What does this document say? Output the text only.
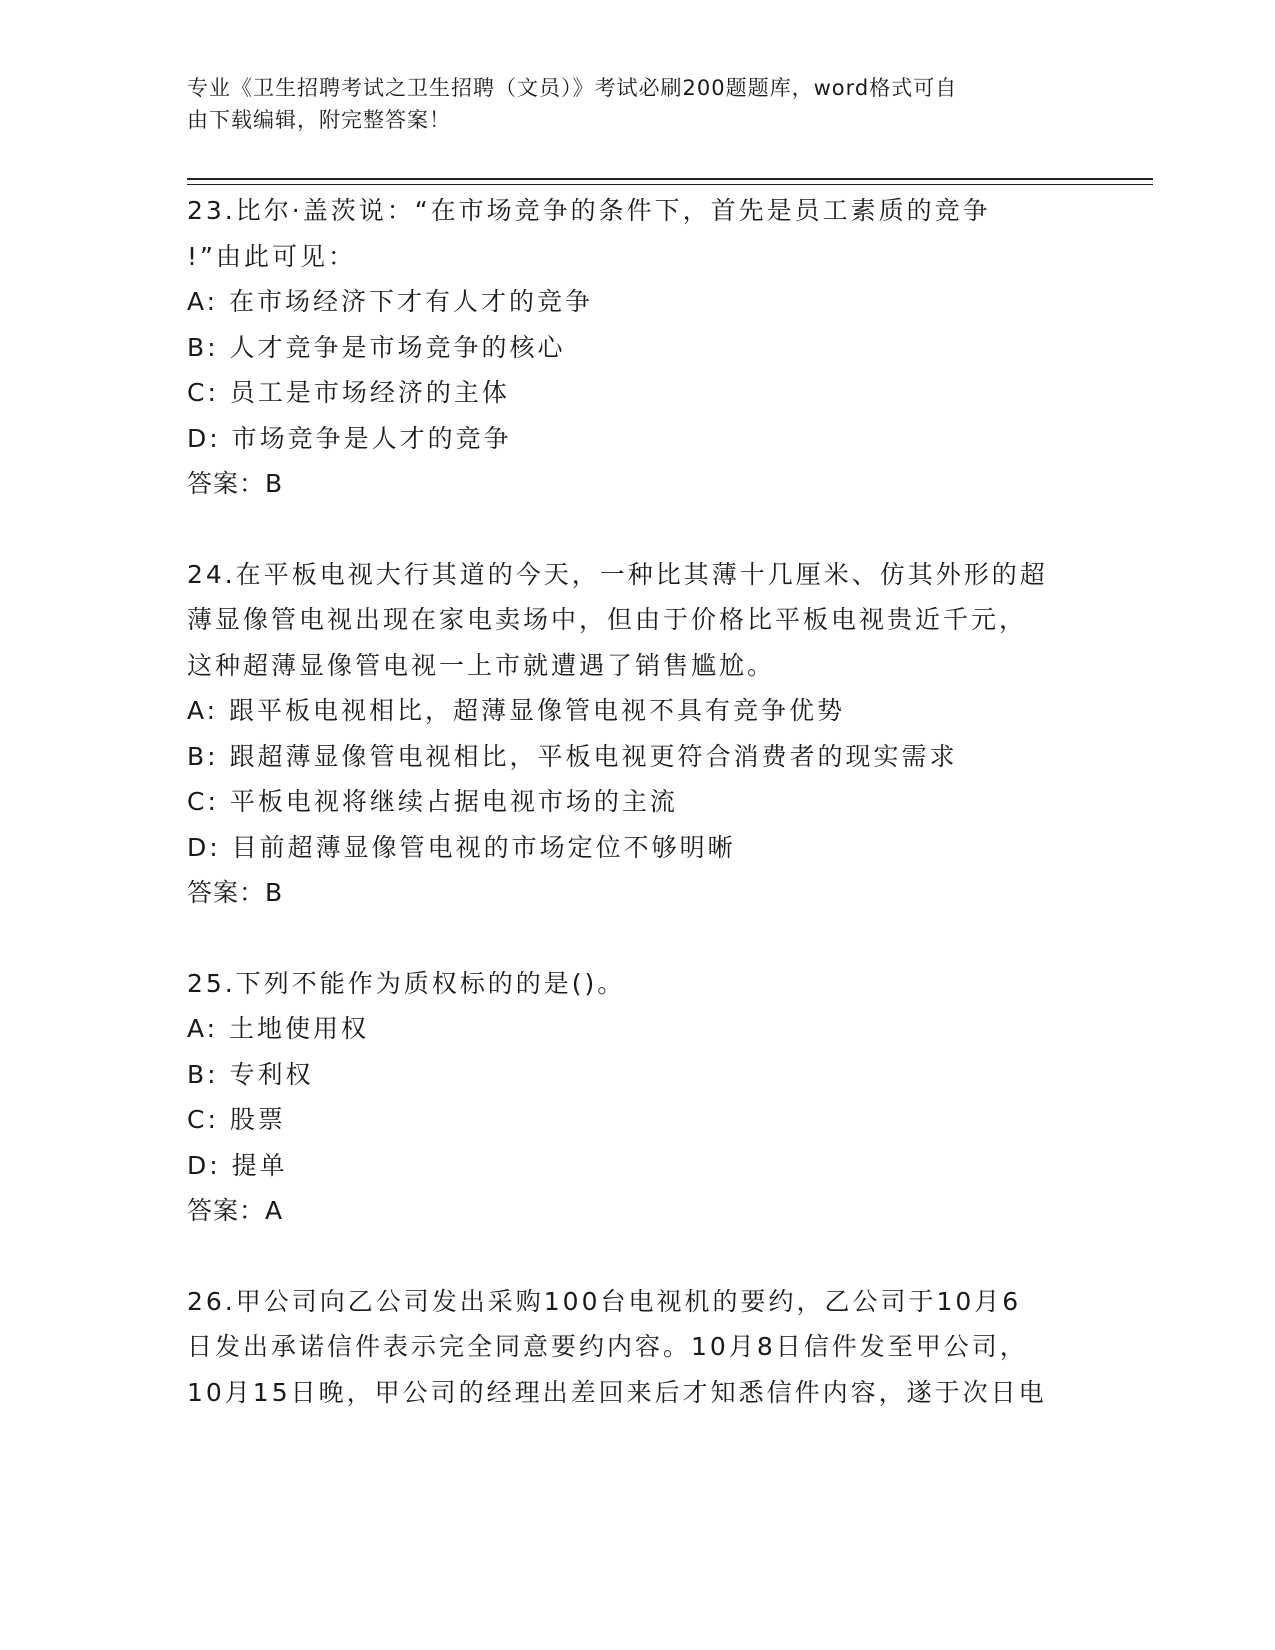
专业《卫生招聘考试之卫生招聘（文员）》考试必刷200题题库，word格式可自
由下载编辑，附完整答案！
23.比尔·盖茨说：“在市场竞争的条件下，首先是员工素质的竞争
!”由此可见：
A: 在市场经济下才有人才的竞争
B: 人才竞争是市场竞争的核心
C: 员工是市场经济的主体
D: 市场竞争是人才的竞争
答案：B
24.在平板电视大行其道的今天，一种比其薄十几厘米、仿其外形的超
薄显像管电视出现在家电卖场中，但由于价格比平板电视贵近千元，
这种超薄显像管电视一上市就遭遇了销售尴尬。
A: 跟平板电视相比，超薄显像管电视不具有竞争优势
B: 跟超薄显像管电视相比，平板电视更符合消费者的现实需求
C: 平板电视将继续占据电视市场的主流
D: 目前超薄显像管电视的市场定位不够明晰
答案：B
25.下列不能作为质权标的的是()。
A: 土地使用权
B: 专利权
C: 股票
D: 提单
答案：A
26.甲公司向乙公司发出采购100台电视机的要约，乙公司于10月6
日发出承诺信件表示完全同意要约内容。10月8日信件发至甲公司，
10月15日晚，甲公司的经理出差回来后才知悉信件内容，遂于次日电
